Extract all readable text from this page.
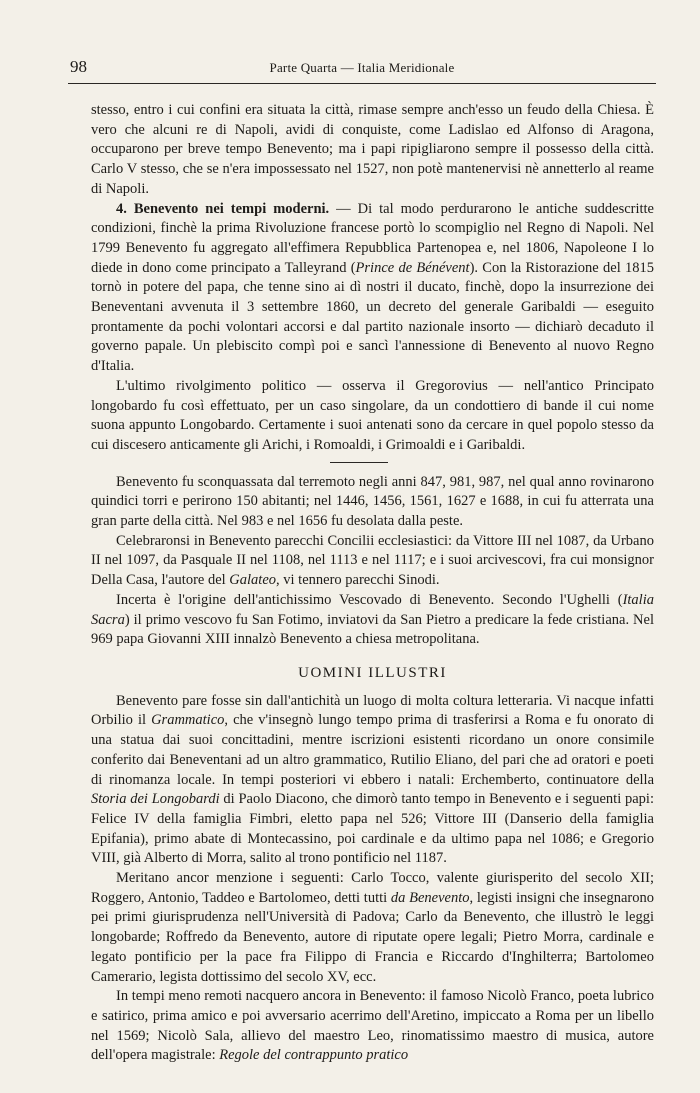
98	Parte Quarta — Italia Meridionale

stesso, entro i cui confini era situata la città, rimase sempre anch'esso un feudo della Chiesa. È vero che alcuni re di Napoli, avidi di conquiste, come Ladislao ed Alfonso di Aragona, occuparono per breve tempo Benevento; ma i papi ripigliarono sempre il possesso della città. Carlo V stesso, che se n'era impossessato nel 1527, non potè mantenervisi nè annetterlo al reame di Napoli.

4. Benevento nei tempi moderni. — Di tal modo perdurarono le antiche suddescritte condizioni, finchè la prima Rivoluzione francese portò lo scompiglio nel Regno di Napoli. Nel 1799 Benevento fu aggregato all'effimera Repubblica Partenopea e, nel 1806, Napoleone I lo diede in dono come principato a Talleyrand (Prince de Bénévent). Con la Ristorazione del 1815 tornò in potere del papa, che tenne sino ai dì nostri il ducato, finchè, dopo la insurrezione dei Beneventani avvenuta il 3 settembre 1860, un decreto del generale Garibaldi — eseguito prontamente da pochi volontari accorsi e dal partito nazionale insorto — dichiarò decaduto il governo papale. Un plebiscito compì poi e sancì l'annessione di Benevento al nuovo Regno d'Italia.

L'ultimo rivolgimento politico — osserva il Gregorovius — nell'antico Principato longobardo fu così effettuato, per un caso singolare, da un condottiero di bande il cui nome suona appunto Longobardo. Certamente i suoi antenati sono da cercare in quel popolo stesso da cui discesero anticamente gli Arichi, i Romoaldi, i Grimoaldi e i Garibaldi.

Benevento fu sconquassata dal terremoto negli anni 847, 981, 987, nel qual anno rovinarono quindici torri e perirono 150 abitanti; nel 1446, 1456, 1561, 1627 e 1688, in cui fu atterrata una gran parte della città. Nel 983 e nel 1656 fu desolata dalla peste.

Celebraronsi in Benevento parecchi Concilii ecclesiastici: da Vittore III nel 1087, da Urbano II nel 1097, da Pasquale II nel 1108, nel 1113 e nel 1117; e i suoi arcivescovi, fra cui monsignor Della Casa, l'autore del Galateo, vi tennero parecchi Sinodi.

Incerta è l'origine dell'antichissimo Vescovado di Benevento. Secondo l'Ughelli (Italia Sacra) il primo vescovo fu San Fotimo, inviatovi da San Pietro a predicare la fede cristiana. Nel 969 papa Giovanni XIII innalzò Benevento a chiesa metropolitana.

UOMINI ILLUSTRI

Benevento pare fosse sin dall'antichità un luogo di molta coltura letteraria. Vi nacque infatti Orbilio il Grammatico, che v'insegnò lungo tempo prima di trasferirsi a Roma e fu onorato di una statua dai suoi concittadini, mentre iscrizioni esistenti ricordano un onore consimile conferito dai Beneventani ad un altro grammatico, Rutilio Eliano, del pari che ad oratori e poeti di rinomanza locale. In tempi posteriori vi ebbero i natali: Erchemberto, continuatore della Storia dei Longobardi di Paolo Diacono, che dimorò tanto tempo in Benevento e i seguenti papi: Felice IV della famiglia Fimbri, eletto papa nel 526; Vittore III (Danserio della famiglia Epifania), primo abate di Montecassino, poi cardinale e da ultimo papa nel 1086; e Gregorio VIII, già Alberto di Morra, salito al trono pontificio nel 1187.

Meritano ancor menzione i seguenti: Carlo Tocco, valente giurisperito del secolo XII; Roggero, Antonio, Taddeo e Bartolomeo, detti tutti da Benevento, legisti insigni che insegnarono pei primi giurisprudenza nell'Università di Padova; Carlo da Benevento, che illustrò le leggi longobarde; Roffredo da Benevento, autore di riputate opere legali; Pietro Morra, cardinale e legato pontificio per la pace fra Filippo di Francia e Riccardo d'Inghilterra; Bartolomeo Camerario, legista dottissimo del secolo XV, ecc.

In tempi meno remoti nacquero ancora in Benevento: il famoso Nicolò Franco, poeta lubrico e satirico, prima amico e poi avversario acerrimo dell'Aretino, impiccato a Roma per un libello nel 1569; Nicolò Sala, allievo del maestro Leo, rinomatissimo maestro di musica, autore dell'opera magistrale: Regole del contrappunto pratico
